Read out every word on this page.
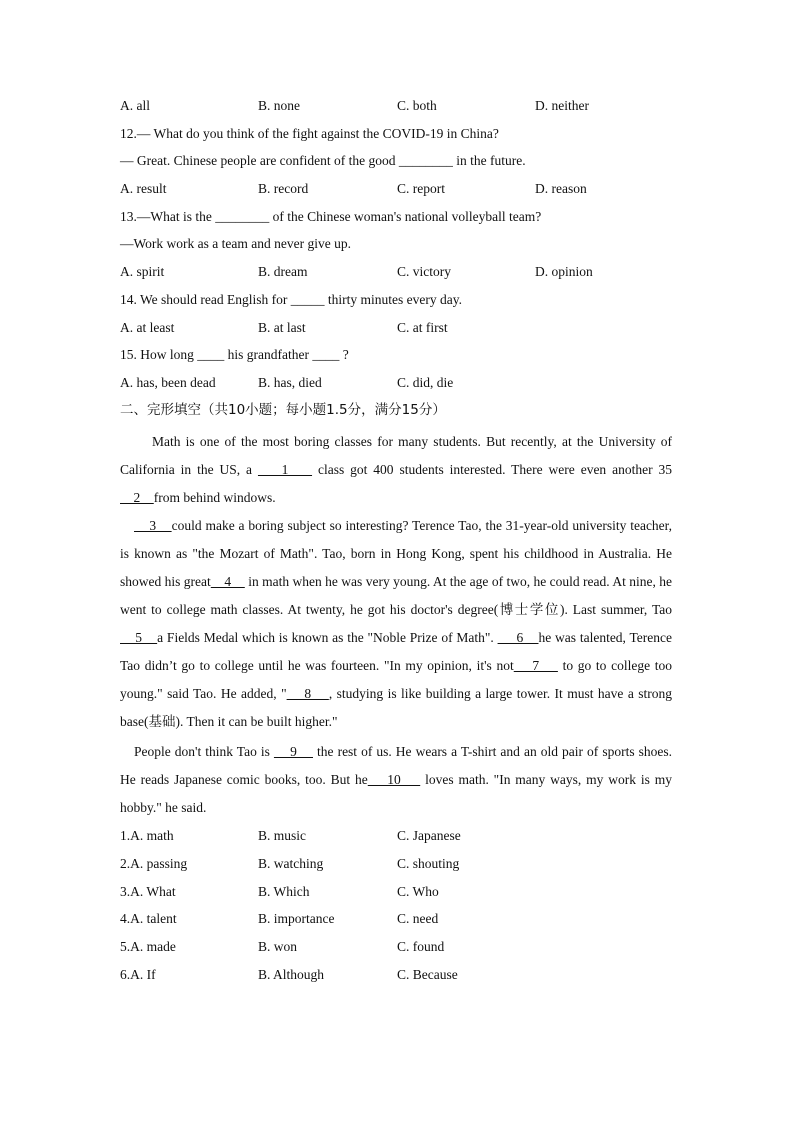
A. all	B. none	C. both	D. neither
12.— What do you think of the fight against the COVID-19 in China?
— Great. Chinese people are confident of the good ________ in the future.
A. result	B. record	C. report	D. reason
13.—What is the ________ of the Chinese woman's national volleyball team?
—Work work as a team and never give up.
A. spirit	B. dream	C. victory	D. opinion
14. We should read English for _____ thirty minutes every day.
A. at least	B. at last	C. at first
15. How long ____ his grandfather ____ ?
A. has, been dead	B. has, died	C. did, die
二、完形填空（共10小题；每小题1.5分，满分15分）
Math is one of the most boring classes for many students. But recently, at the University of California in the US, a     1     class got 400 students interested. There were even another 35    2    from behind windows.
3    could make a boring subject so interesting? Terence Tao, the 31-year-old university teacher, is known as "the Mozart of Math". Tao, born in Hong Kong, spent his childhood in Australia. He showed his great    4     in math when he was very young. At the age of two, he could read. At nine, he went to college math classes. At twenty, he got his doctor's degree(博士学位). Last summer, Tao    5    a Fields Medal which is known as the "Noble Prize of Math".      6    he was talented, Terence Tao didn’t go to college until he was fourteen. "In my opinion, it's not    7     to go to college too young." said Tao. He added, "    8    , studying is like building a large tower. It must have a strong base(基础). Then it can be built higher."
People don't think Tao is     9     the rest of us. He wears a T-shirt and an old pair of sports shoes. He reads Japanese comic books, too. But he    10     loves math. "In many ways, my work is my hobby." he said.
1.A. math	B. music	C. Japanese
2.A. passing	B. watching	C. shouting
3.A. What	B. Which	C. Who
4.A. talent	B. importance	C. need
5.A. made	B. won	C. found
6.A. If	B. Although	C. Because
